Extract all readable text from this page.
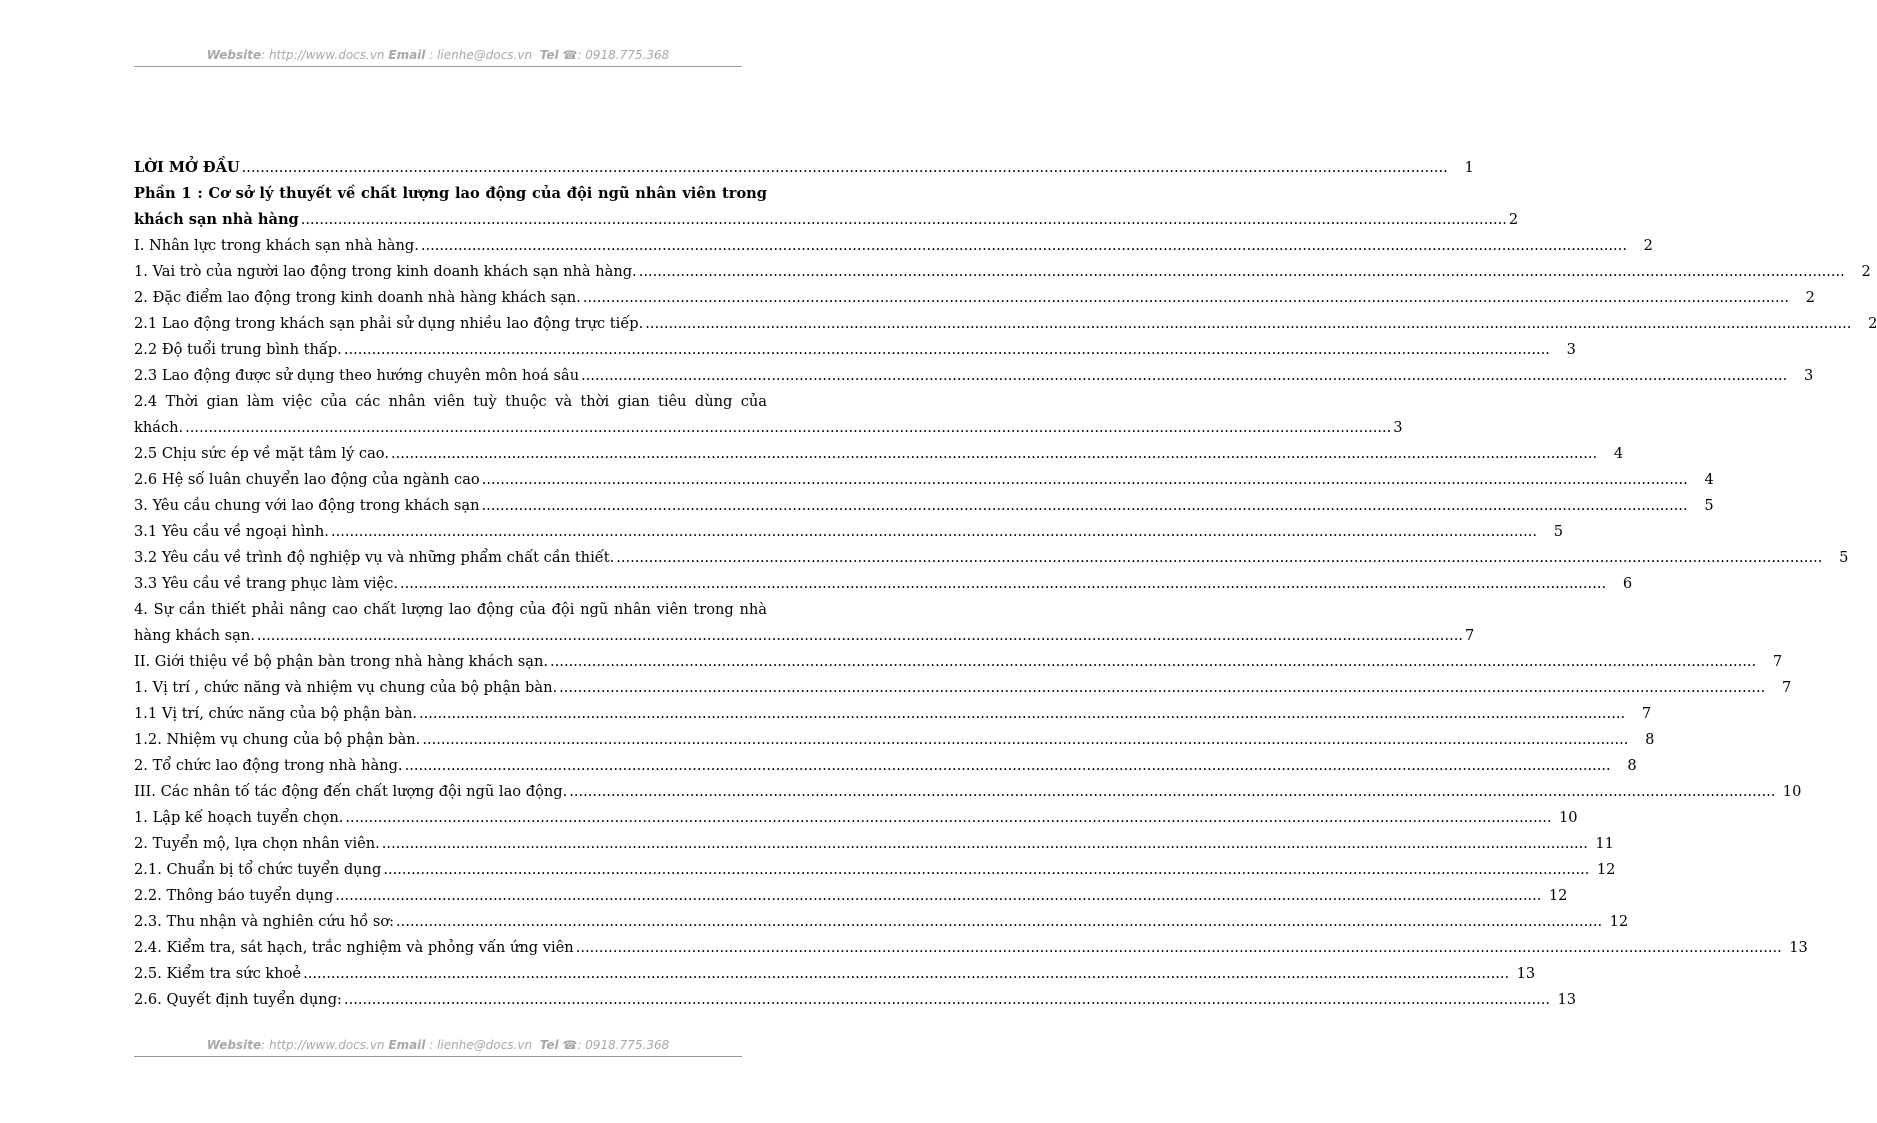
Website: http://www.docs.vn Email : lienhe@docs.vn Tel ☎: 0918.775.368
LỜI MỞ ĐẦU .....	1
Phần 1 : Cơ sở lý thuyết về chất lượng lao động của đội ngũ nhân viên trong
khách sạn nhà hàng .....	2
I. Nhân lực trong khách sạn nhà hàng. .....	2
1. Vai trò của người lao động trong kinh doanh khách sạn nhà hàng. .....	2
2. Đặc điểm lao động trong kinh doanh nhà hàng khách sạn. .....	2
2.1 Lao động trong khách sạn phải sử dụng nhiều lao động trực tiếp. .....	2
2.2 Độ tuổi trung bình thấp. .....	3
2.3 Lao động được sử dụng theo hướng chuyên môn hoá sâu .....	3
2.4 Thời gian làm việc của các nhân viên tuỳ thuộc và thời gian tiêu dùng của
khách. .....	3
2.5 Chịu sức ép về mặt tâm lý cao. .....	4
2.6 Hệ số luân chuyển lao động của ngành cao .....	4
3. Yêu cầu chung với lao động trong khách sạn .....	5
3.1 Yêu cầu về ngoại hình. .....	5
3.2 Yêu cầu về trình độ nghiệp vụ và những phẩm chất cần thiết. .....	5
3.3 Yêu cầu về trang phục làm việc. .....	6
4. Sự cần thiết phải nâng cao chất lượng lao động của đội ngũ nhân viên trong nhà
hàng khách sạn. .....	7
II. Giới thiệu về bộ phận bàn trong nhà hàng khách sạn. .....	7
1. Vị trí , chức năng và nhiệm vụ chung của bộ phận bàn. .....	7
1.1 Vị trí, chức năng của bộ phận bàn. .....	7
1.2. Nhiệm vụ chung của bộ phận bàn. .....	8
2. Tổ chức lao động trong nhà hàng. .....	8
III. Các nhân tố tác động đến chất lượng đội ngũ lao động. .....	10
1. Lập kế hoạch tuyển chọn. .....	10
2. Tuyển mộ, lựa chọn nhân viên. .....	11
2.1. Chuẩn bị tổ chức tuyển dụng .....	12
2.2. Thông báo tuyển dụng .....	12
2.3. Thu nhận và nghiên cứu hồ sơ: .....	12
2.4. Kiểm tra, sát hạch, trắc nghiệm và phỏng vấn ứng viên .....	13
2.5. Kiểm tra sức khoẻ .....	13
2.6. Quyết định tuyển dụng: .....	13
Website: http://www.docs.vn Email : lienhe@docs.vn Tel ☎: 0918.775.368
